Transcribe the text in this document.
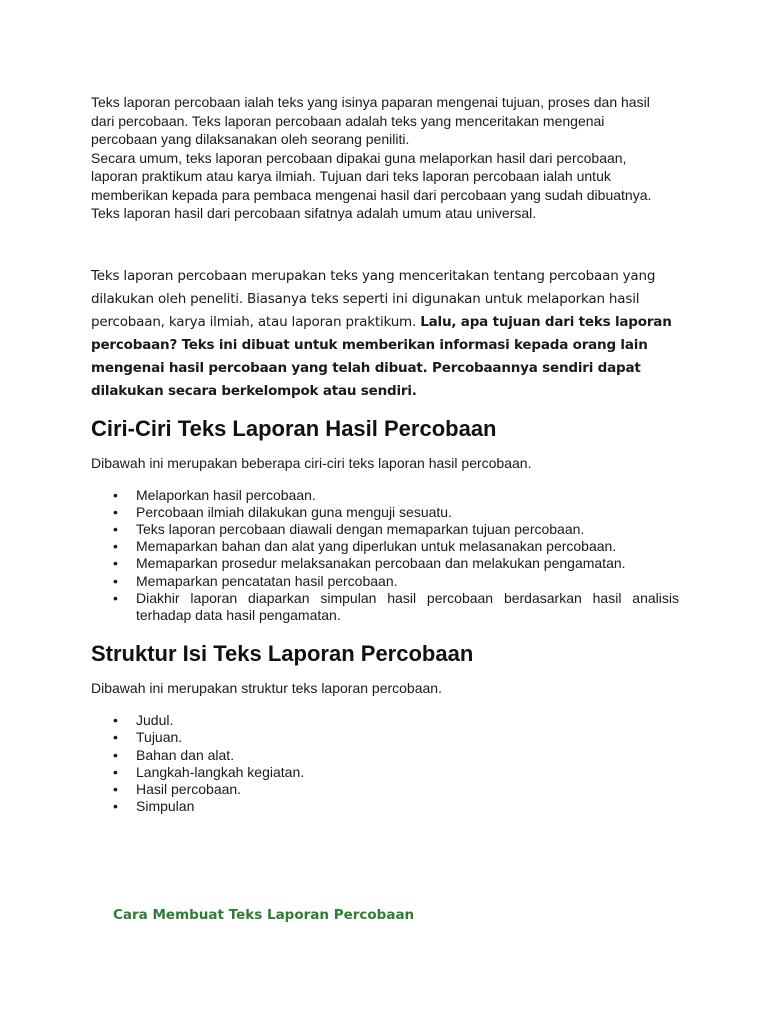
Teks laporan percobaan ialah teks yang isinya paparan mengenai tujuan, proses dan hasil
dari percobaan. Teks laporan percobaan adalah teks yang menceritakan mengenai
percobaan yang dilaksanakan oleh seorang peniliti.
Secara umum, teks laporan percobaan dipakai guna melaporkan hasil dari percobaan,
laporan praktikum atau karya ilmiah. Tujuan dari teks laporan percobaan ialah untuk
memberikan kepada para pembaca mengenai hasil dari percobaan yang sudah dibuatnya.
Teks laporan hasil dari percobaan sifatnya adalah umum atau universal.

Teks laporan percobaan merupakan teks yang menceritakan tentang percobaan yang dilakukan oleh peneliti. Biasanya teks seperti ini digunakan untuk melaporkan hasil percobaan, karya ilmiah, atau laporan praktikum. Lalu, apa tujuan dari teks laporan percobaan? Teks ini dibuat untuk memberikan informasi kepada orang lain mengenai hasil percobaan yang telah dibuat. Percobaannya sendiri dapat dilakukan secara berkelompok atau sendiri.

Ciri-Ciri Teks Laporan Hasil Percobaan

Dibawah ini merupakan beberapa ciri-ciri teks laporan hasil percobaan.

• Melaporkan hasil percobaan.
• Percobaan ilmiah dilakukan guna menguji sesuatu.
• Teks laporan percobaan diawali dengan memaparkan tujuan percobaan.
• Memaparkan bahan dan alat yang diperlukan untuk melasanakan percobaan.
• Memaparkan prosedur melaksanakan percobaan dan melakukan pengamatan.
• Memaparkan pencatatan hasil percobaan.
• Diakhir laporan diaparkan simpulan hasil percobaan berdasarkan hasil analisis terhadap data hasil pengamatan.
Struktur Isi Teks Laporan Percobaan

Dibawah ini merupakan struktur teks laporan percobaan.

• Judul.
• Tujuan.
• Bahan dan alat.
• Langkah-langkah kegiatan.
• Hasil percobaan.
• Simpulan

Cara Membuat Teks Laporan Percobaan
